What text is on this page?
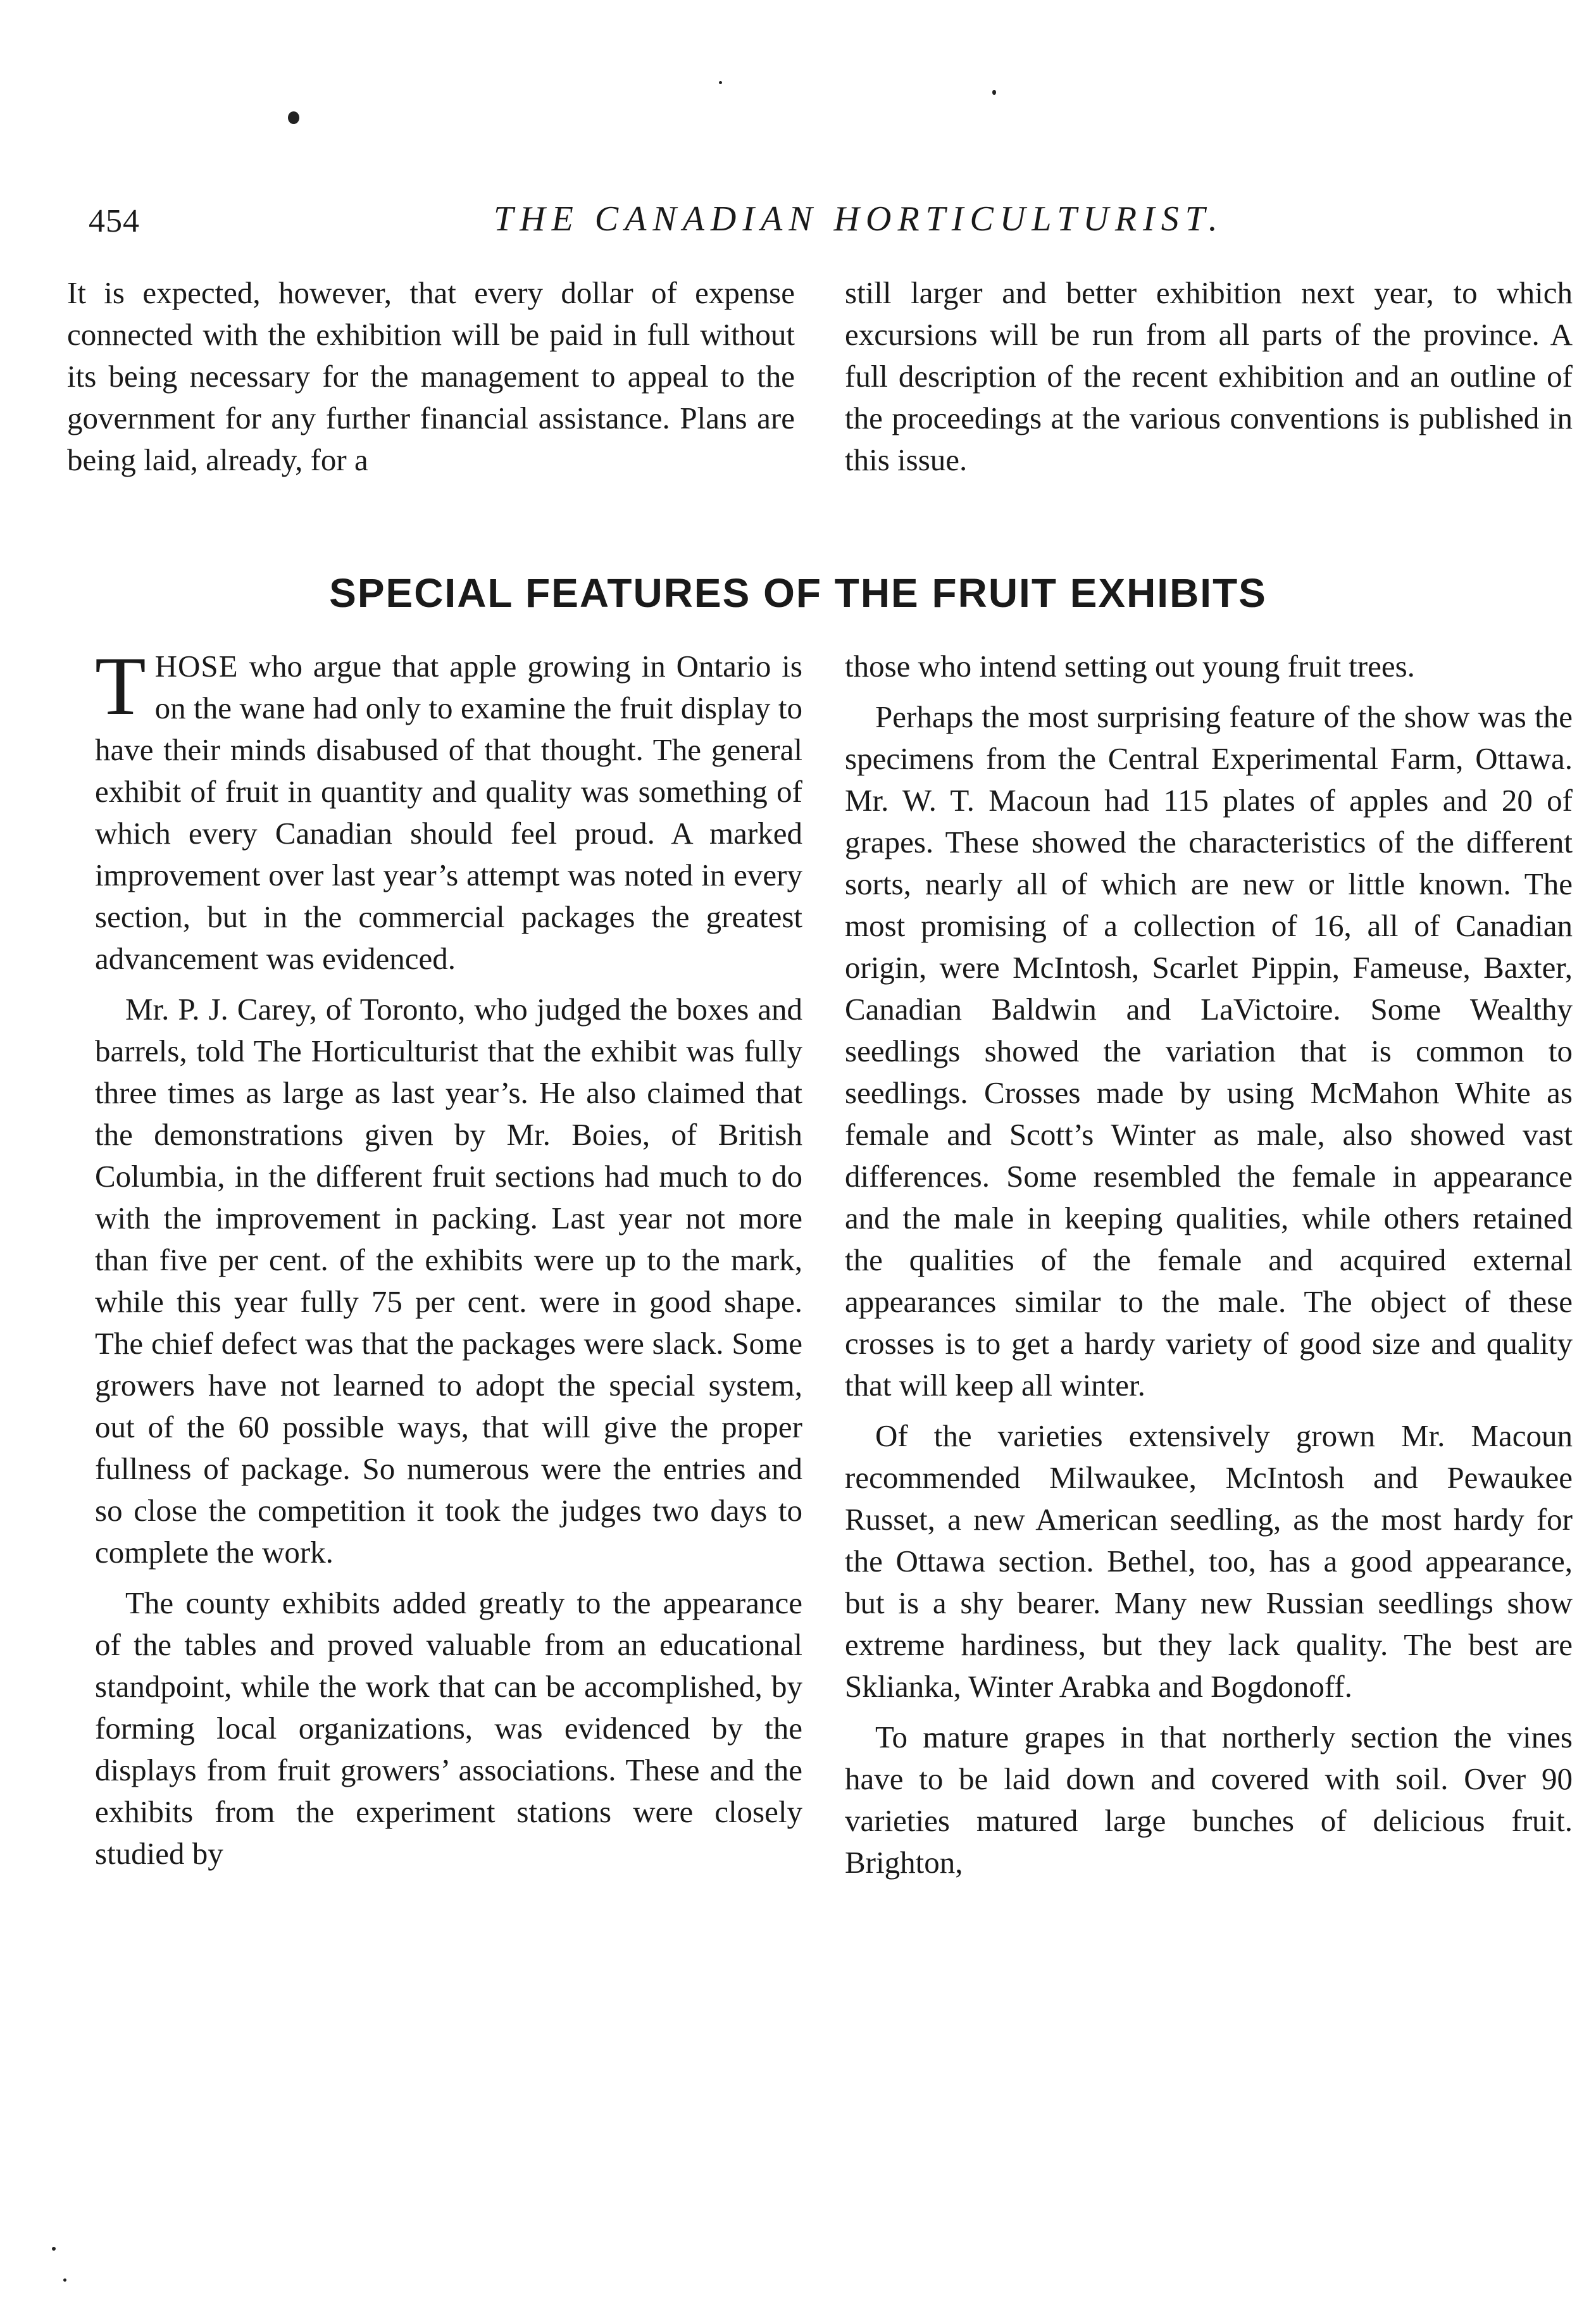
454	THE CANADIAN HORTICULTURIST.

It is expected, however, that every dollar of expense connected with the exhibition will be paid in full without its being necessary for the management to appeal to the government for any further financial assistance. Plans are being laid, already, for a

still larger and better exhibition next year, to which excursions will be run from all parts of the province. A full description of the recent exhibition and an outline of the proceedings at the various conventions is published in this issue.

SPECIAL FEATURES OF THE FRUIT EXHIBITS

THOSE who argue that apple growing in Ontario is on the wane had only to examine the fruit display to have their minds disabused of that thought. The general exhibit of fruit in quantity and quality was something of which every Canadian should feel proud. A marked improvement over last year’s attempt was noted in every section, but in the commercial packages the greatest advancement was evidenced.

Mr. P. J. Carey, of Toronto, who judged the boxes and barrels, told The Horticulturist that the exhibit was fully three times as large as last year’s. He also claimed that the demonstrations given by Mr. Boies, of British Columbia, in the different fruit sections had much to do with the improvement in packing. Last year not more than five per cent. of the exhibits were up to the mark, while this year fully 75 per cent. were in good shape. The chief defect was that the packages were slack. Some growers have not learned to adopt the special system, out of the 60 possible ways, that will give the proper fullness of package. So numerous were the entries and so close the competition it took the judges two days to complete the work.

The county exhibits added greatly to the appearance of the tables and proved valuable from an educational standpoint, while the work that can be accomplished, by forming local organizations, was evidenced by the displays from fruit growers’ associations. These and the exhibits from the experiment stations were closely studied by

those who intend setting out young fruit trees.

Perhaps the most surprising feature of the show was the specimens from the Central Experimental Farm, Ottawa. Mr. W. T. Macoun had 115 plates of apples and 20 of grapes. These showed the characteristics of the different sorts, nearly all of which are new or little known. The most promising of a collection of 16, all of Canadian origin, were McIntosh, Scarlet Pippin, Fameuse, Baxter, Canadian Baldwin and LaVictoire. Some Wealthy seedlings showed the variation that is common to seedlings. Crosses made by using McMahon White as female and Scott’s Winter as male, also showed vast differences. Some resembled the female in appearance and the male in keeping qualities, while others retained the qualities of the female and acquired external appearances similar to the male. The object of these crosses is to get a hardy variety of good size and quality that will keep all winter.

Of the varieties extensively grown Mr. Macoun recommended Milwaukee, McIntosh and Pewaukee Russet, a new American seedling, as the most hardy for the Ottawa section. Bethel, too, has a good appearance, but is a shy bearer. Many new Russian seedlings show extreme hardiness, but they lack quality. The best are Sklianka, Winter Arabka and Bogdonoff.

To mature grapes in that northerly section the vines have to be laid down and covered with soil. Over 90 varieties matured large bunches of delicious fruit. Brighton,
